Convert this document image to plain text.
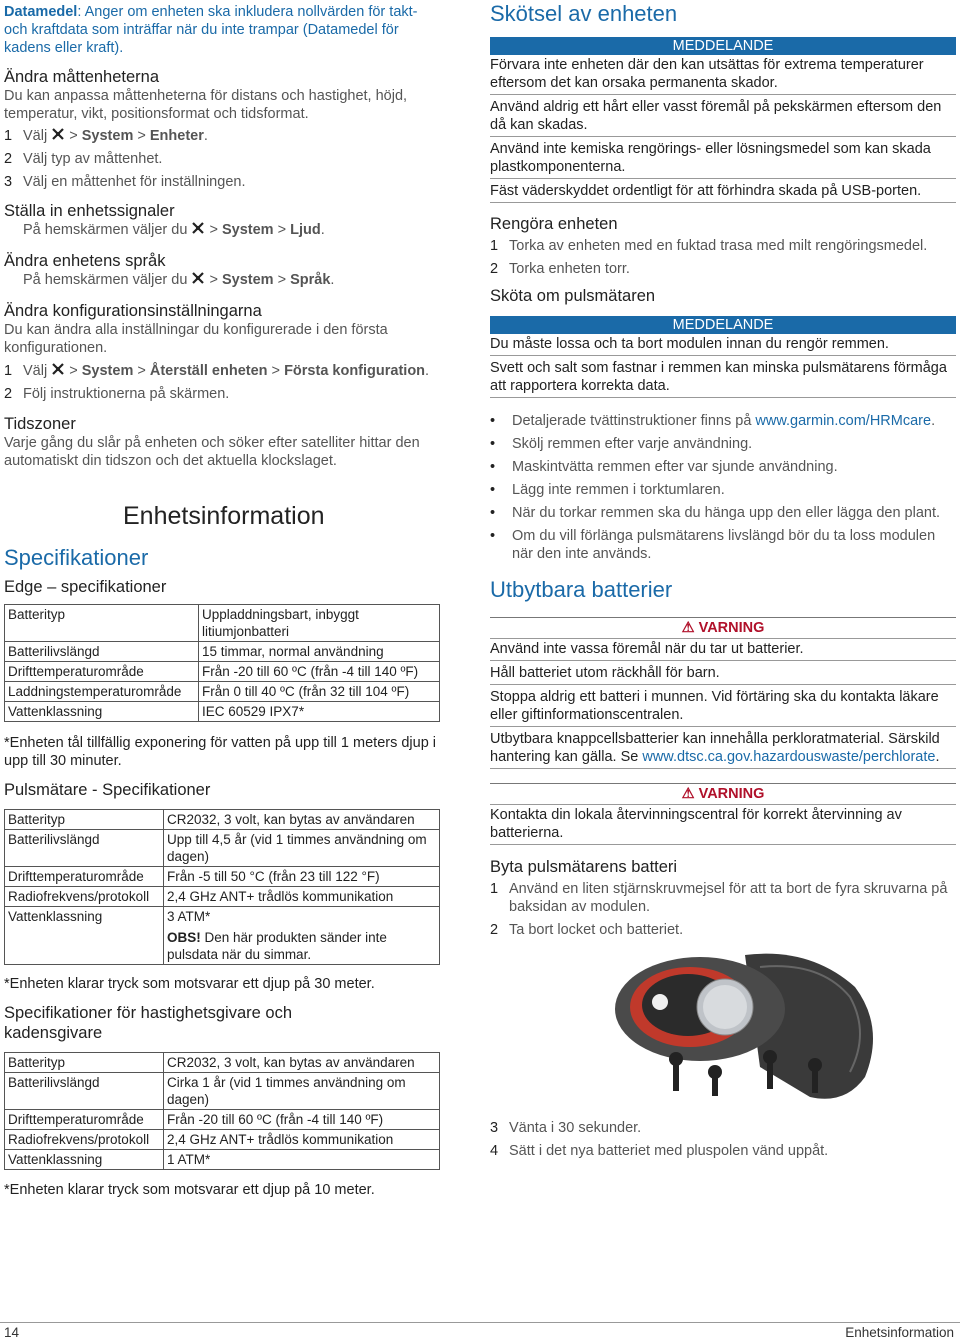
Datamedel: Anger om enheten ska inkludera nollvärden för takt- och kraftdata som inträffar när du inte trampar (Datamedel för kadens eller kraft).

Ändra måttenheterna

Du kan anpassa måttenheterna för distans och hastighet, höjd, temperatur, vikt, positionsformat och tidsformat.

1 Välj  > System > Enheter.
2 Välj typ av måttenhet.
3 Välj en måttenhet för inställningen.
Ställa in enhetssignaler

På hemskärmen väljer du  > System > Ljud.

Ändra enhetens språk

På hemskärmen väljer du  > System > Språk.

Ändra konfigurationsinställningarna

Du kan ändra alla inställningar du konfigurerade i den första konfigurationen.

1 Välj  > System > Återställ enheten > Första konfiguration.
2 Följ instruktionerna på skärmen.
Tidszoner

Varje gång du slår på enheten och söker efter satelliter hittar den automatiskt din tidszon och det aktuella klockslaget.

Enhetsinformation
Specifikationer
Edge – specifikationer
Batterityp	Uppladdningsbart, inbyggt litiumjonbatteri
Batterilivslängd	15 timmar, normal användning
Drifttemperaturområde	Från -20 till 60 ºC (från -4 till 140 ºF)
Laddningstemperaturområde	Från 0 till 40 ºC (från 32 till 104 ºF)
Vattenklassning	IEC 60529 IPX7*

*Enheten tål tillfällig exponering för vatten på upp till 1 meters djup i upp till 30 minuter.

Pulsmätare - Specifikationer
Batterityp	CR2032, 3 volt, kan bytas av användaren
Batterilivslängd	Upp till 4,5 år (vid 1 timmes användning om dagen)
Drifttemperaturområde	Från -5 till 50 °C (från 23 till 122 °F)
Radiofrekvens/protokoll	2,4 GHz ANT+ trådlös kommunikation
Vattenklassning	3 ATM*
OBS! Den här produkten sänder inte pulsdata när du simmar.

*Enheten klarar tryck som motsvarar ett djup på 30 meter.

Specifikationer för hastighetsgivare och kadensgivare
Batterityp	CR2032, 3 volt, kan bytas av användaren
Batterilivslängd	Cirka 1 år (vid 1 timmes användning om dagen)
Drifttemperaturområde	Från -20 till 60 ºC (från -4 till 140 ºF)
Radiofrekvens/protokoll	2,4 GHz ANT+ trådlös kommunikation
Vattenklassning	1 ATM*

*Enheten klarar tryck som motsvarar ett djup på 10 meter.

Skötsel av enheten
MEDDELANDE
Förvara inte enheten där den kan utsättas för extrema temperaturer eftersom det kan orsaka permanenta skador.
Använd aldrig ett hårt eller vasst föremål på pekskärmen eftersom den då kan skadas.
Använd inte kemiska rengörings- eller lösningsmedel som kan skada plastkomponenterna.
Fäst väderskyddet ordentligt för att förhindra skada på USB-porten.
Rengöra enheten
1 Torka av enheten med en fuktad trasa med milt rengöringsmedel.
2 Torka enheten torr.
Sköta om pulsmätaren
MEDDELANDE
Du måste lossa och ta bort modulen innan du rengör remmen.
Svett och salt som fastnar i remmen kan minska pulsmätarens förmåga att rapportera korrekta data.
•	Detaljerade tvättinstruktioner finns på www.garmin.com/HRMcare.
•	Skölj remmen efter varje användning.
•	Maskintvätta remmen efter var sjunde användning.
•	Lägg inte remmen i torktumlaren.
•	När du torkar remmen ska du hänga upp den eller lägga den plant.
•	Om du vill förlänga pulsmätarens livslängd bör du ta loss modulen när den inte används.
Utbytbara batterier
⚠ VARNING
Använd inte vassa föremål när du tar ut batterier.
Håll batteriet utom räckhåll för barn.
Stoppa aldrig ett batteri i munnen. Vid förtäring ska du kontakta läkare eller giftinformationscentralen.
Utbytbara knappcellsbatterier kan innehålla perkloratmaterial. Särskild hantering kan gälla. Se www.dtsc.ca.gov.hazardouswaste/perchlorate.
⚠ VARNING
Kontakta din lokala återvinningscentral för korrekt återvinning av batterierna.
Byta pulsmätarens batteri
1 Använd en liten stjärnskruvmejsel för att ta bort de fyra skruvarna på baksidan av modulen.
2 Ta bort locket och batteriet.
3 Vänta i 30 sekunder.
4 Sätt i det nya batteriet med pluspolen vänd uppåt.
14	Enhetsinformation
